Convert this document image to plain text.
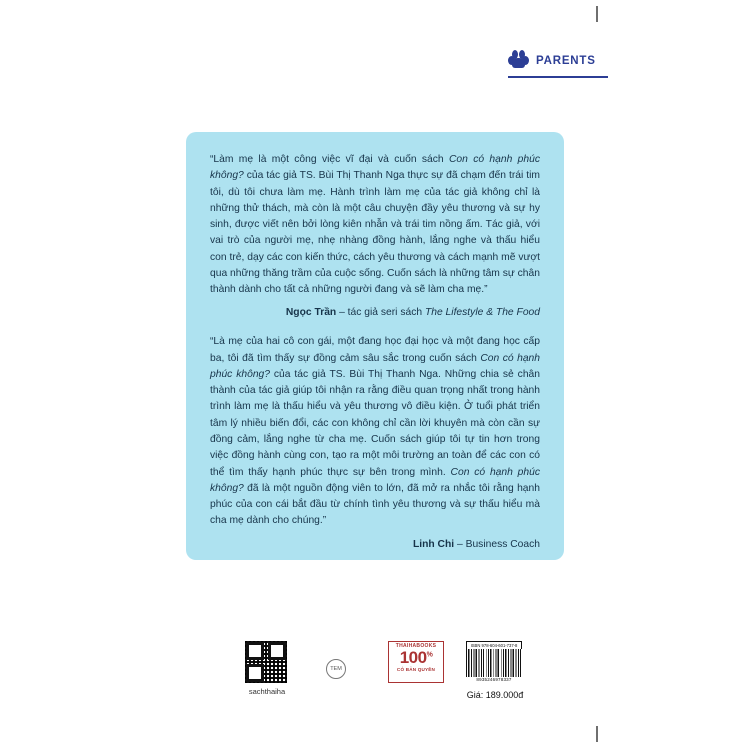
PARENTS

“Làm mẹ là một công việc vĩ đại và cuốn sách Con có hạnh phúc không? của tác giả TS. Bùi Thị Thanh Nga thực sự đã chạm đến trái tim tôi, dù tôi chưa làm mẹ. Hành trình làm mẹ của tác giả không chỉ là những thử thách, mà còn là một câu chuyện đầy yêu thương và sự hy sinh, được viết nên bởi lòng kiên nhẫn và trái tim nồng ấm. Tác giả, với vai trò của người mẹ, nhẹ nhàng đồng hành, lắng nghe và thấu hiểu con trẻ, dạy các con kiến thức, cách yêu thương và cách mạnh mẽ vượt qua những thăng trầm của cuộc sống. Cuốn sách là những tâm sự chân thành dành cho tất cả những người đang và sẽ làm cha mẹ.”

Ngọc Trần – tác giả seri sách The Lifestyle & The Food

“Là mẹ của hai cô con gái, một đang học đại học và một đang học cấp ba, tôi đã tìm thấy sự đồng cảm sâu sắc trong cuốn sách Con có hạnh phúc không? của tác giả TS. Bùi Thị Thanh Nga. Những chia sẻ chân thành của tác giả giúp tôi nhận ra rằng điều quan trọng nhất trong hành trình làm mẹ là thấu hiểu và yêu thương vô điều kiện. Ở tuổi phát triển tâm lý nhiều biến đổi, các con không chỉ cần lời khuyên mà còn cần sự đồng cảm, lắng nghe từ cha mẹ. Cuốn sách giúp tôi tự tin hơn trong việc đồng hành cùng con, tạo ra một môi trường an toàn để các con có thể tìm thấy hạnh phúc thực sự bên trong mình. Con có hạnh phúc không? đã là một nguồn động viên to lớn, đã mở ra nhắc tôi rằng hạnh phúc của con cái bắt đầu từ chính tình yêu thương và sự thấu hiểu mà cha mẹ dành cho chúng.”

Linh Chi – Business Coach
sachthaiha
TEM
THAIHABOOKS
100%
CÓ BẢN QUYỀN
ISBN 978-604-601-737-8
8935246978337
Giá: 189.000đ
